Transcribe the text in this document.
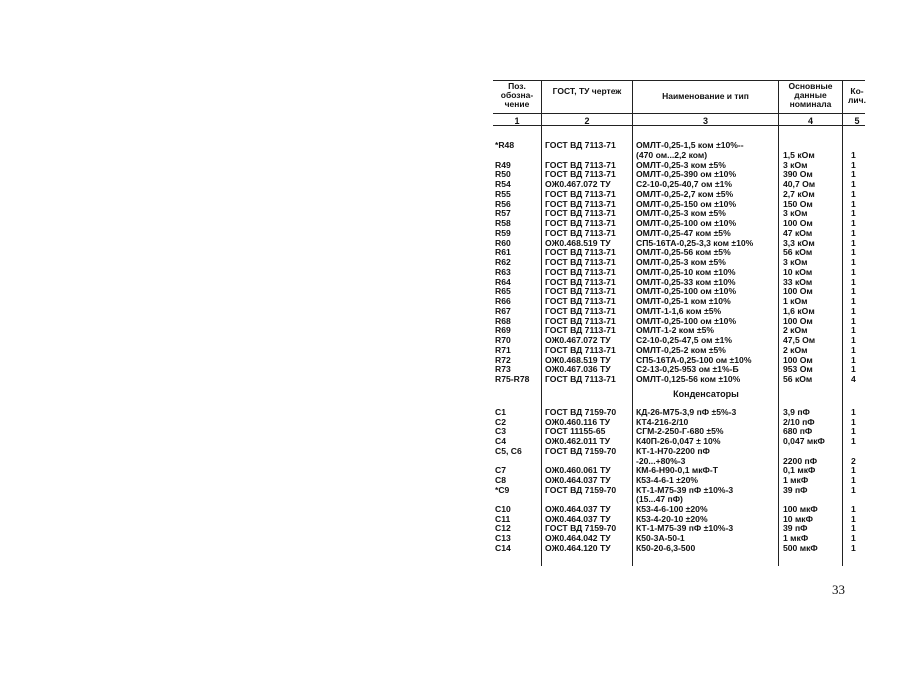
Поз. обозна- чение
ГОСТ, ТУ чертеж	Наименование и тип
Основные данные номинала
Ко- лич.
1	2	3	4	5
*R48	ГОСТ ВД 7113-71 ОМЛТ-0,25-1,5 ком ±10%--
(470 ом...2,2 ком)	1,5 кОм	1
R49	ГОСТ ВД 7113-71 ОМЛТ-0,25-3 ком ±5%	3 кОм	1
R50	ГОСТ ВД 7113-71 ОМЛТ-0,25-390 ом ±10%	390 Ом	1
R54	ОЖ0.467.072 ТУ	С2-10-0,25-40,7 ом ±1%	40,7 Ом	1
R55	ГОСТ ВД 7113-71 ОМЛТ-0,25-2,7 ком ±5%	2,7 кОм	1
R56	ГОСТ ВД 7113-71 ОМЛТ-0,25-150 ом ±10%	150 Ом	1
R57	ГОСТ ВД 7113-71 ОМЛТ-0,25-3 ком ±5%	3 кОм	1
R58	ГОСТ ВД 7113-71 ОМЛТ-0,25-100 ом ±10%	100 Ом	1
R59	ГОСТ ВД 7113-71 ОМЛТ-0,25-47 ком ±5%	47 кОм	1
R60	ОЖ0.468.519 ТУ	СП5-16ТА-0,25-3,3 ком ±10%	3,3 кОм	1
R61	ГОСТ ВД 7113-71 ОМЛТ-0,25-56 ком ±5%	56 кОм	1
R62	ГОСТ ВД 7113-71 ОМЛТ-0,25-3 ком ±5%	3 кОм	1
R63	ГОСТ ВД 7113-71 ОМЛТ-0,25-10 ком ±10%	10 кОм	1
R64	ГОСТ ВД 7113-71 ОМЛТ-0,25-33 ком ±10%	33 кОм	1
R65	ГОСТ ВД 7113-71 ОМЛТ-0,25-100 ом ±10%	100 Ом	1
R66	ГОСТ ВД 7113-71 ОМЛТ-0,25-1 ком ±10%	1 кОм	1
R67	ГОСТ ВД 7113-71 ОМЛТ-1-1,6 ком ±5%	1,6 кОм	1
R68	ГОСТ ВД 7113-71 ОМЛТ-0,25-100 ом ±10%	100 Ом	1
R69	ГОСТ ВД 7113-71 ОМЛТ-1-2 ком ±5%	2 кОм	1
R70	ОЖ0.467.072 ТУ	С2-10-0,25-47,5 ом ±1%	47,5 Ом	1
R71	ГОСТ ВД 7113-71 ОМЛТ-0,25-2 ком ±5%	2 кОм	1
R72	ОЖ0.468.519 ТУ	СП5-16ТА-0,25-100 ом ±10%	100 Ом	1
R73	ОЖ0.467.036 ТУ	С2-13-0,25-953 ом ±1%-Б	953 Ом	1
R75-R78 ГОСТ ВД 7113-71 ОМЛТ-0,125-56 ком ±10%	56 кОм	4
Конденсаторы
C1	ГОСТ ВД 7159-70 КД-26-М75-3,9 пФ ±5%-3	3,9 пФ	1
C2	ОЖ0.460.116 ТУ	КТ4-216-2/10	2/10 пФ	1
C3	ГОСТ 11155-65	СГМ-2-250-Г-680 ±5%	680 пФ	1
C4	ОЖ0.462.011 ТУ	К40П-26-0,047 ± 10%	0,047 мкФ	1
C5, C6	ГОСТ ВД 7159-70 КТ-1-Н70-2200 пФ
-20...+80%-3	2200 пФ	2
C7	ОЖ0.460.061 ТУ	КМ-6-Н90-0,1 мкФ-Т	0,1 мкФ	1
C8	ОЖ0.464.037 ТУ	К53-4-6-1 ±20%	1 мкФ	1
*C9	ГОСТ ВД 7159-70 КТ-1-М75-39 пФ ±10%-3	39 пФ	1
(15...47 пФ)
C10	ОЖ0.464.037 ТУ	К53-4-6-100 ±20%	100 мкФ	1
C11	ОЖ0.464.037 ТУ	К53-4-20-10 ±20%	10 мкФ	1
C12	ГОСТ ВД 7159-70 КТ-1-М75-39 пФ ±10%-3	39 пФ	1
C13	ОЖ0.464.042 ТУ	К50-3А-50-1	1 мкФ	1
C14	ОЖ0.464.120 ТУ	К50-20-6,3-500	500 мкФ	1
33
